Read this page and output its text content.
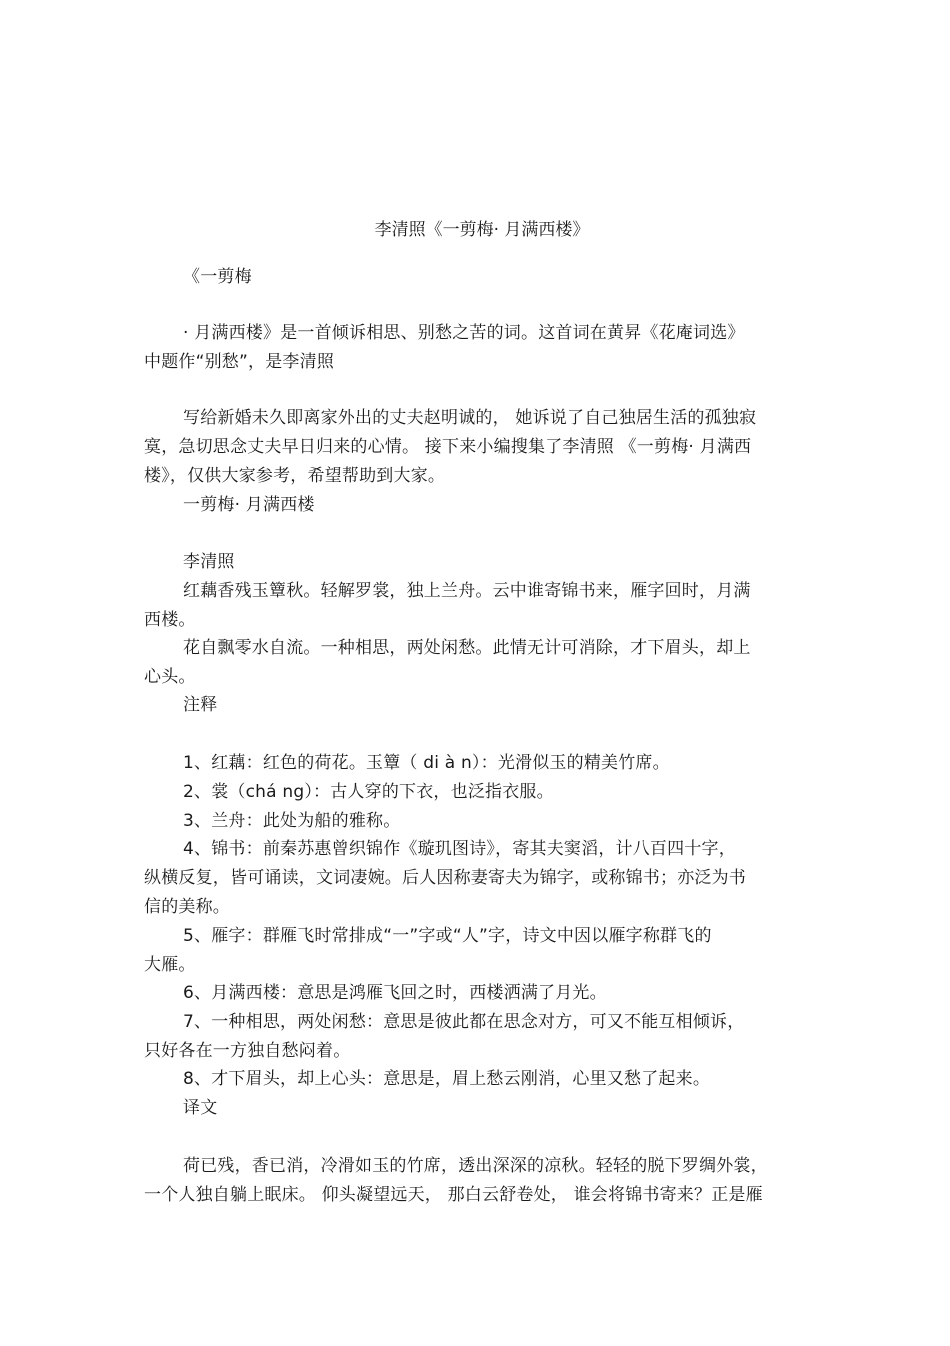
李清照《一剪梅· 月满西楼》
《一剪梅
· 月满西楼》是一首倾诉相思、别愁之苦的词。这首词在黄昇《花庵词选》
中题作“别愁”，是李清照
写给新婚未久即离家外出的丈夫赵明诚的， 她诉说了自己独居生活的孤独寂
寞，急切思念丈夫早日归来的心情。 接下来小编搜集了李清照 《一剪梅· 月满西
楼》，仅供大家参考，希望帮助到大家。
一剪梅· 月满西楼
李清照
红藕香残玉簟秋。轻解罗裳，独上兰舟。云中谁寄锦书来，雁字回时，月满
西楼。
花自飘零水自流。一种相思，两处闲愁。此情无计可消除，才下眉头，却上
心头。
注释
1、红藕：红色的荷花。玉簟（ di à n）：光滑似玉的精美竹席。
2、裳（chá ng）：古人穿的下衣，也泛指衣服。
3、兰舟：此处为船的雅称。
4、锦书：前秦苏惠曾织锦作《璇玑图诗》，寄其夫窦滔，计八百四十字，
纵横反复，皆可诵读，文词凄婉。后人因称妻寄夫为锦字，或称锦书；亦泛为书
信的美称。
5、雁字：群雁飞时常排成“一”字或“人”字，诗文中因以雁字称群飞的
大雁。
6、月满西楼：意思是鸿雁飞回之时，西楼洒满了月光。
7、一种相思，两处闲愁：意思是彼此都在思念对方，可又不能互相倾诉，
只好各在一方独自愁闷着。
8、才下眉头，却上心头：意思是，眉上愁云刚消，心里又愁了起来。
译文
荷已残，香已消，冷滑如玉的竹席，透出深深的凉秋。轻轻的脱下罗绸外裳，
一个人独自躺上眠床。 仰头凝望远天， 那白云舒卷处， 谁会将锦书寄来？正是雁
